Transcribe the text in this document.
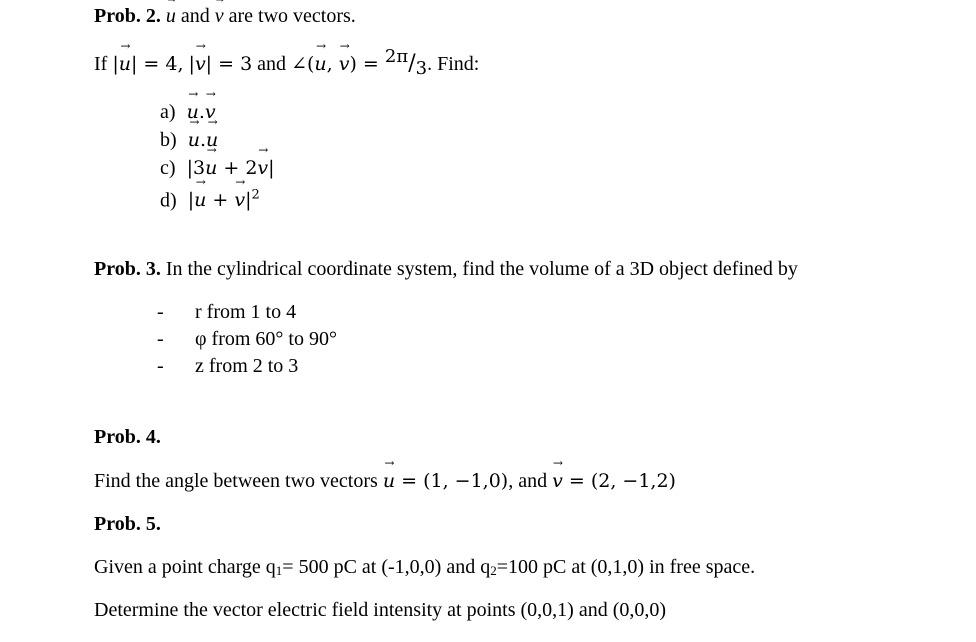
Prob. 2. → u and → v are two vectors.
If |→ u| = 4, |→ v| = 3 and ∠(→ u, → v) = 2π/3. Find:
a) → u.→ v
b) → u.→ u
c)  |3→ u + 2→ v|
d)  |→ u + → $v|^2$
Prob. 3. In the cylindrical coordinate system, find the volume of a 3D object defined by
- r from 1 to 4
- φ from 60° to 90°
- z from 2 to 3
Prob. 4.
Find the angle between two vectors → u = (1, −1,0), and → v = (2, −1,2)
Prob. 5.
Given a point charge $q_1= 500$ pC at (-1,0,0) and $q_2=100$ pC at (0,1,0) in free space.
Determine the vector electric field intensity at points (0,0,1) and (0,0,0)
